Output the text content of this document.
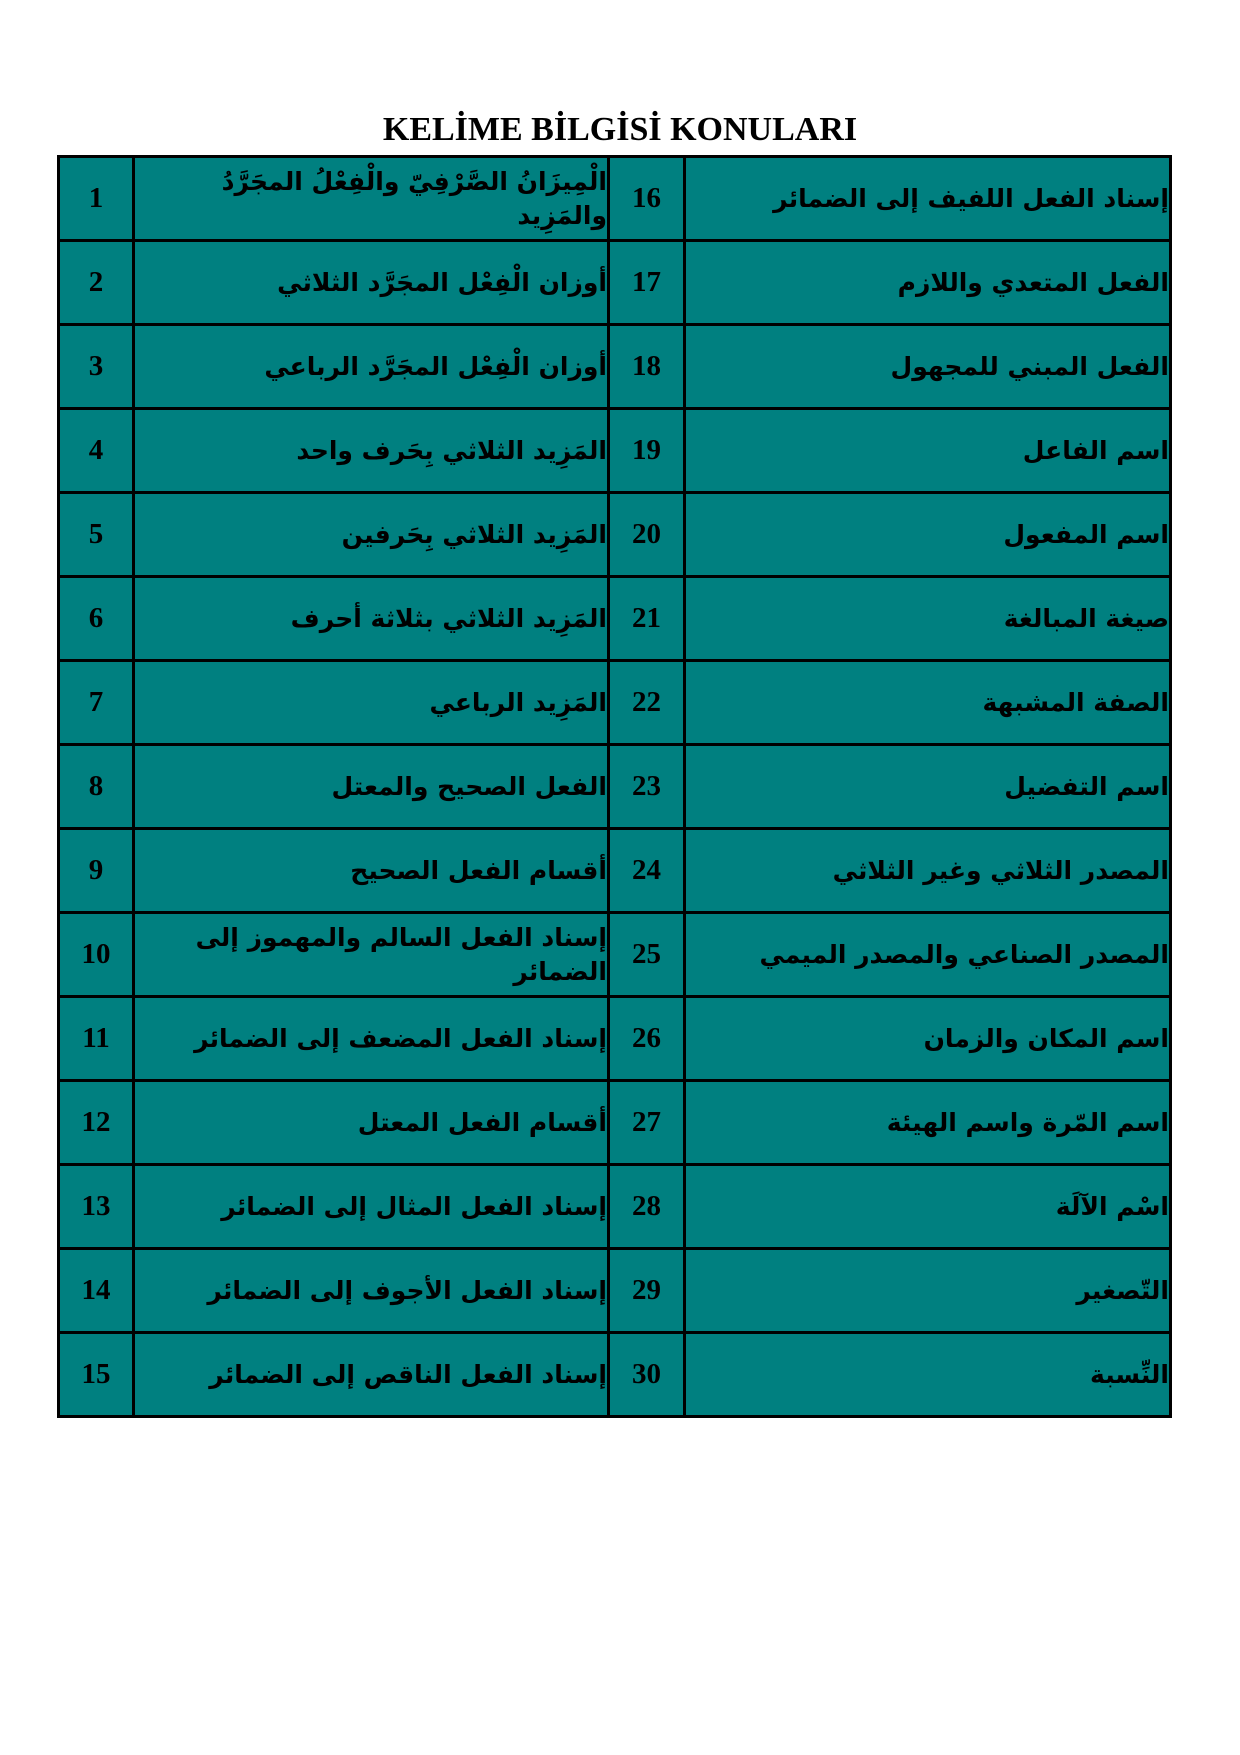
KELİME BİLGİSİ KONULARI
1	الْمِيزَانُ الصَّرْفِيّ والْفِعْلُ المجَرَّدُ والمَزِيد	16	إسناد الفعل اللفيف إلى الضمائر
2	أوزان الْفِعْل المجَرَّد الثلاثي	17	الفعل المتعدي واللازم
3	أوزان الْفِعْل المجَرَّد الرباعي	18	الفعل المبني للمجهول
4	المَزِيد الثلاثي بِحَرف واحد	19	اسم الفاعل
5	المَزِيد الثلاثي بِحَرفين	20	اسم المفعول
6	المَزِيد الثلاثي بثلاثة أحرف	21	صيغة المبالغة
7	المَزِيد الرباعي	22	الصفة المشبهة
8	الفعل الصحيح والمعتل	23	اسم التفضيل
9	أقسام الفعل الصحيح	24	المصدر الثلاثي وغير الثلاثي
10	إسناد الفعل السالم والمهموز إلى الضمائر	25	المصدر الصناعي والمصدر الميمي
11	إسناد الفعل المضعف إلى الضمائر	26	اسم المكان والزمان
12	أقسام الفعل المعتل	27	اسم المّرة واسم الهيئة
13	إسناد الفعل المثال إلى الضمائر	28	اسْم الآلَة
14	إسناد الفعل الأجوف إلى الضمائر	29	التّصغير
15	إسناد الفعل الناقص إلى الضمائر	30	النِّسبة
